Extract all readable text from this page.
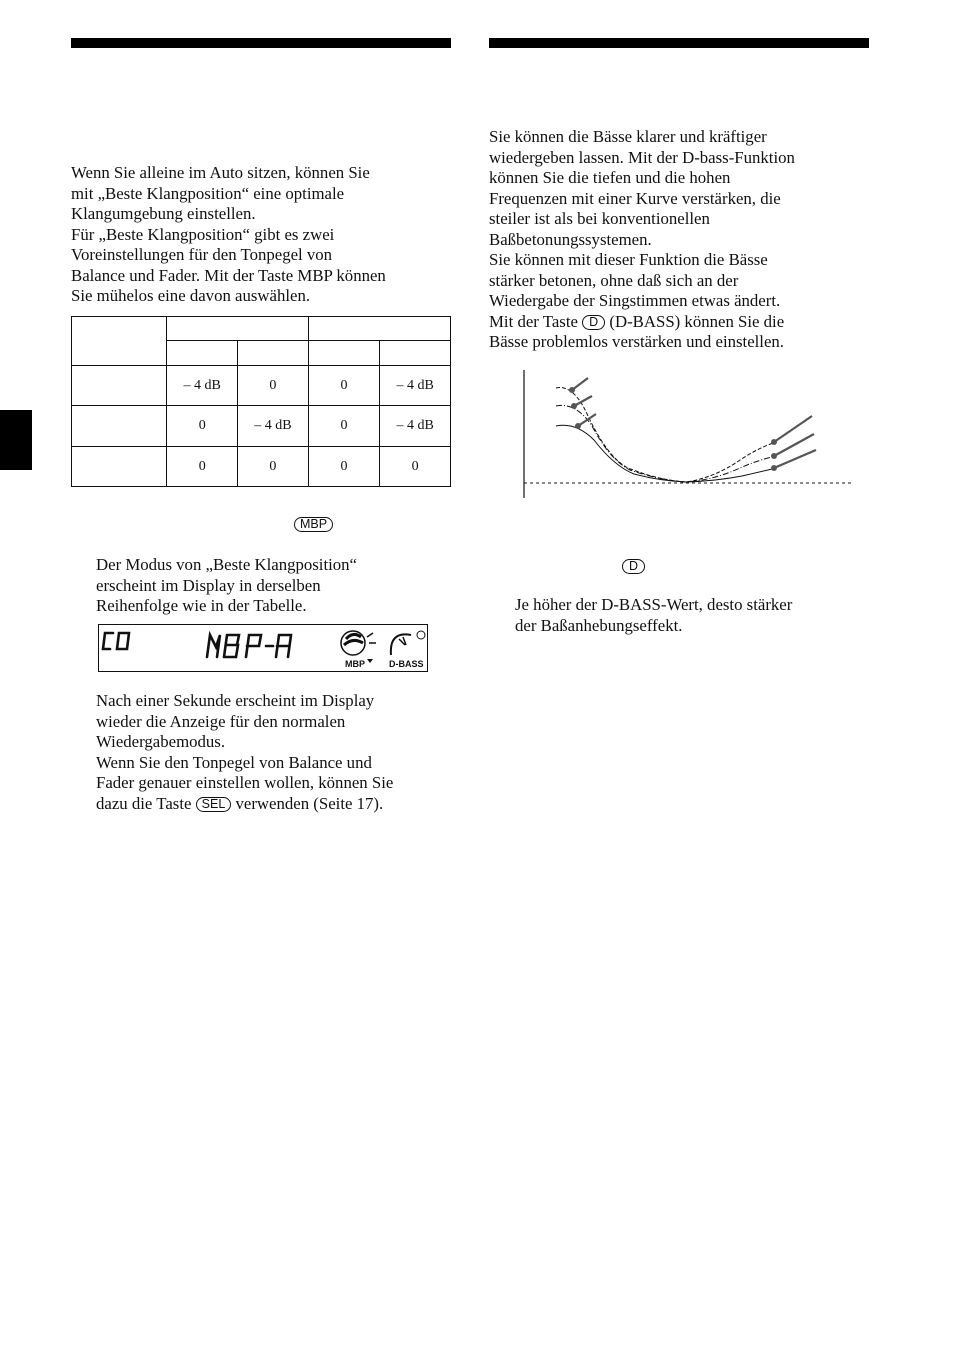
Wenn Sie alleine im Auto sitzen, können Sie
mit „Beste Klangposition“ eine optimale
Klangumgebung einstellen.
Für „Beste Klangposition“ gibt es zwei
Voreinstellungen für den Tonpegel von
Balance und Fader. Mit der Taste MBP können
Sie mühelos eine davon auswählen.

	– 4 dB	0	0	– 4 dB
	0	– 4 dB	0	– 4 dB
	0	0	0	0
MBP

Der Modus von „Beste Klangposition“
erscheint im Display in derselben
Reihenfolge wie in der Tabelle.

MBP	D-BASS

Nach einer Sekunde erscheint im Display
wieder die Anzeige für den normalen
Wiedergabemodus.
Wenn Sie den Tonpegel von Balance und
Fader genauer einstellen wollen, können Sie
dazu die Taste SEL verwenden (Seite 17).

Sie können die Bässe klarer und kräftiger
wiedergeben lassen. Mit der D-bass-Funktion
können Sie die tiefen und die hohen
Frequenzen mit einer Kurve verstärken, die
steiler ist als bei konventionellen
Baßbetonungssystemen.
Sie können mit dieser Funktion die Bässe
stärker betonen, ohne daß sich an der
Wiedergabe der Singstimmen etwas ändert.
Mit der Taste D (D-BASS) können Sie die
Bässe problemlos verstärken und einstellen.

D

Je höher der D-BASS-Wert, desto stärker
der Baßanhebungseffekt.
